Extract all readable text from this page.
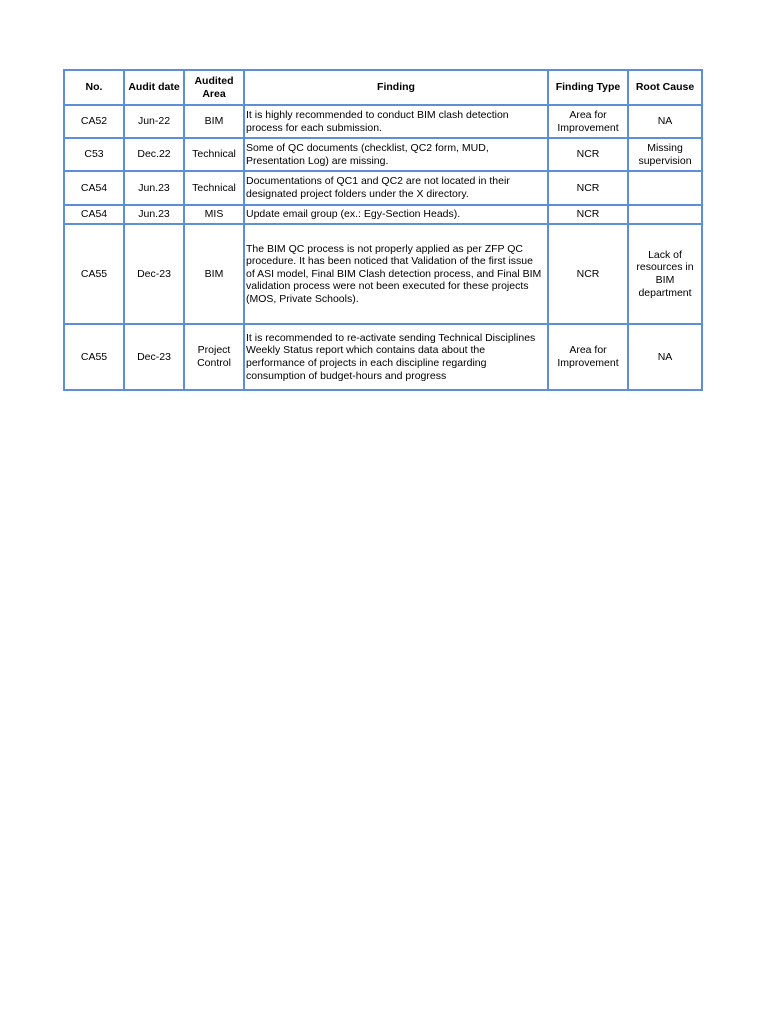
No.	Audit date	Audited Area	Finding	Finding Type	Root Cause
CA52	Jun-22	BIM	It is highly recommended to conduct BIM clash detection process for each submission.	Area for Improvement	NA
C53	Dec.22	Technical	Some of QC documents (checklist, QC2 form, MUD, Presentation Log) are missing.	NCR	Missing supervision
CA54	Jun.23	Technical	Documentations of QC1 and QC2 are not located in their designated project folders under the X directory.	NCR	
CA54	Jun.23	MIS	Update email group (ex.: Egy-Section Heads).	NCR	
CA55	Dec-23	BIM	The BIM QC process is not properly applied as per ZFP QC procedure. It has been noticed that Validation of the first issue of ASI model, Final BIM Clash detection process, and Final BIM validation process were not been executed for these projects (MOS, Private Schools).	NCR	Lack of resources in BIM department
CA55	Dec-23	Project Control	It is recommended to re-activate sending Technical Disciplines Weekly Status report which contains data about the performance of projects in each discipline regarding consumption of budget-hours and progress	Area for Improvement	NA
